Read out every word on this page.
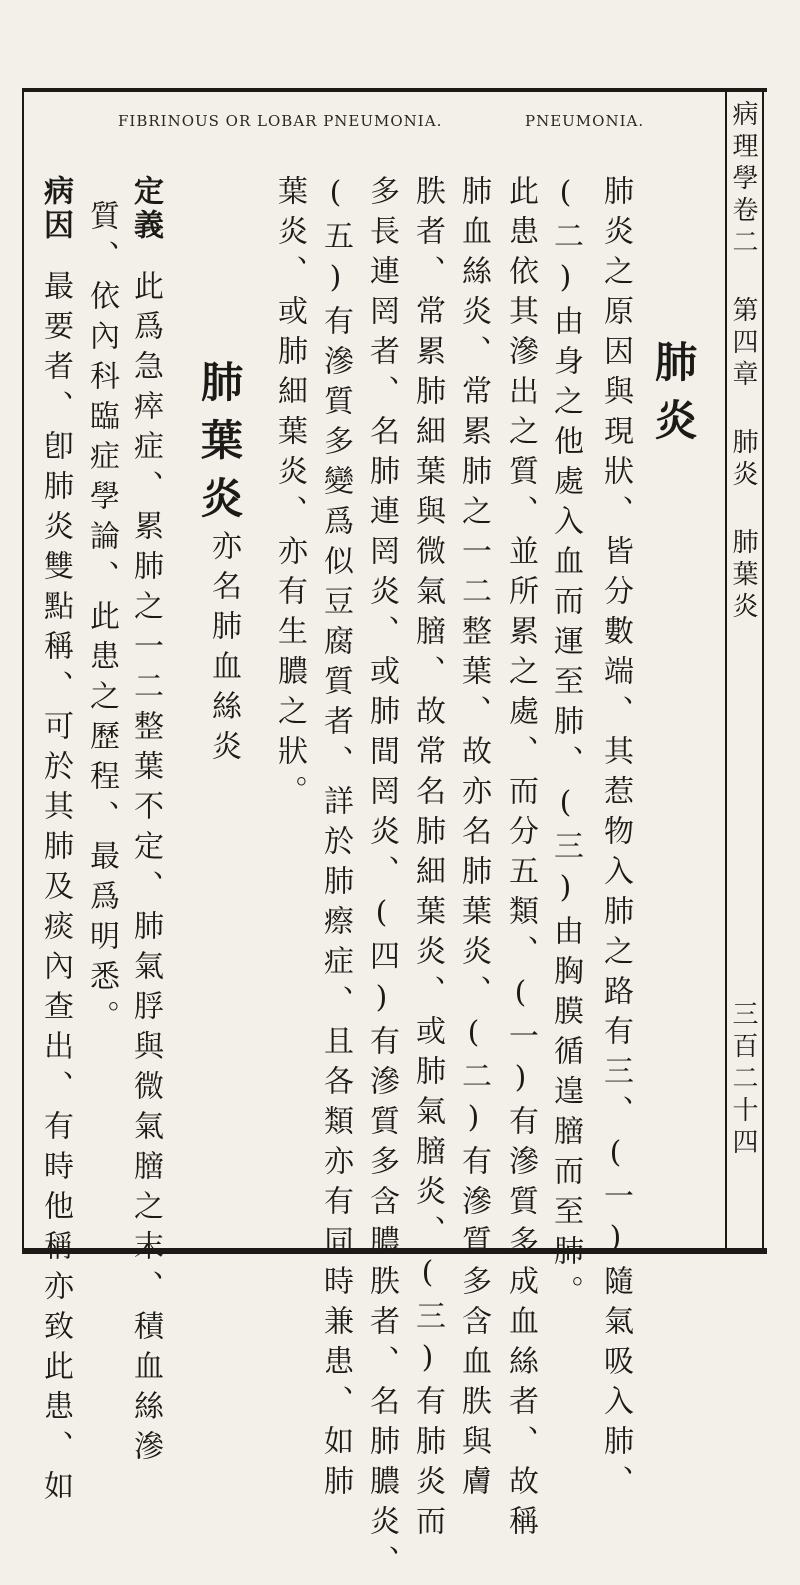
FIBRINOUS OR LOBAR PNEUMONIA.	PNEUMONIA.	病理學卷二 第四章 肺炎 肺葉炎
三百二十四
肺炎
肺炎之原因與現狀、皆分數端、其惹物入肺之路有三、(一)隨氣吸入肺、
(二)由身之他處入血而運至肺、(三)由胸膜循遑膪而至肺。
此患依其滲出之質、並所累之處、而分五類、(一)有滲質多成血絲者、故稱
肺血絲炎、常累肺之一二整葉、故亦名肺葉炎、(二)有滲質多含血胅與膚
胅者、常累肺細葉與微氣膪、故常名肺細葉炎、或肺氣膪炎、(三)有肺炎而
多長連罔者、名肺連罔炎、或肺間罔炎、(四)有滲質多含膿胅者、名肺膿炎、
(五)有滲質多變爲似豆腐質者、詳於肺瘵症、且各類亦有同時兼患、如肺
葉炎、或肺細葉炎、亦有生膿之狀。
肺葉炎
亦名肺血絲炎
定義
此爲急瘁症、累肺之一二整葉不定、肺氣脬與微氣膪之末、積血絲滲
質、依內科臨症學論、此患之歷程、最爲明悉。
病因
最要者、卽肺炎雙點稱、可於其肺及痰內查出、有時他稱亦致此患、如
